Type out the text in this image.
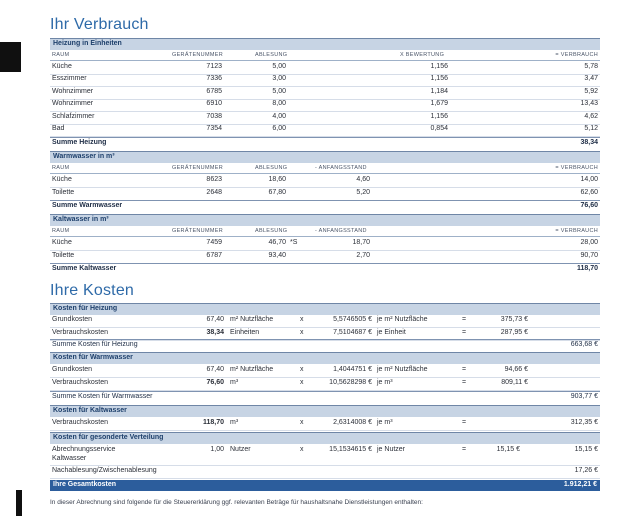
Ihr Verbrauch
Heizung in Einheiten
RAUM	GERÄTENUMMER	ABLESUNG	X BEWERTUNG	= VERBRAUCH
Küche	7123	5,00	1,156	5,78
Esszimmer	7336	3,00	1,156	3,47
Wohnzimmer	6785	5,00	1,184	5,92
Wohnzimmer	6910	8,00	1,679	13,43
Schlafzimmer	7038	4,00	1,156	4,62
Bad	7354	6,00	0,854	5,12
Summe Heizung	38,34
Warmwasser in m³
RAUM	GERÄTENUMMER	ABLESUNG	- ANFANGSSTAND	= VERBRAUCH
Küche	8623	18,60	4,60	14,00
Toilette	2648	67,80	5,20	62,60
Summe Warmwasser	76,60
Kaltwasser in m³
RAUM	GERÄTENUMMER	ABLESUNG	- ANFANGSSTAND	= VERBRAUCH
Küche	7459	46,70 *S	18,70	28,00
Toilette	6787	93,40	2,70	90,70
Summe Kaltwasser	118,70
Ihre Kosten
Kosten für Heizung
Grundkosten	67,40 m² Nutzfläche	x	5,5746505 € je m² Nutzfläche	=	375,73 €
Verbrauchskosten	38,34 Einheiten	x	7,5104687 € je Einheit	=	287,95 €
Summe Kosten für Heizung	663,68 €
Kosten für Warmwasser
Grundkosten	67,40 m² Nutzfläche	x	1,4044751 € je m² Nutzfläche	=	94,66 €
Verbrauchskosten	76,60 m³	x	10,5628298 € je m³	=	809,11 €
Summe Kosten für Warmwasser	903,77 €
Kosten für Kaltwasser
Verbrauchskosten	118,70 m³	x	2,6314008 € je m³	=	312,35 €
Kosten für gesonderte Verteilung
Abrechnungsservice
Kaltwasser
1,00 Nutzer	x	15,1534615 € je Nutzer	=	15,15 €	15,15 €
Nachablesung/Zwischenablesung	17,26 €
Ihre Gesamtkosten	1.912,21 €
In dieser Abrechnung sind folgende für die Steuererklärung ggf. relevanten Beträge für haushaltsnahe Dienstleistungen enthalten:
